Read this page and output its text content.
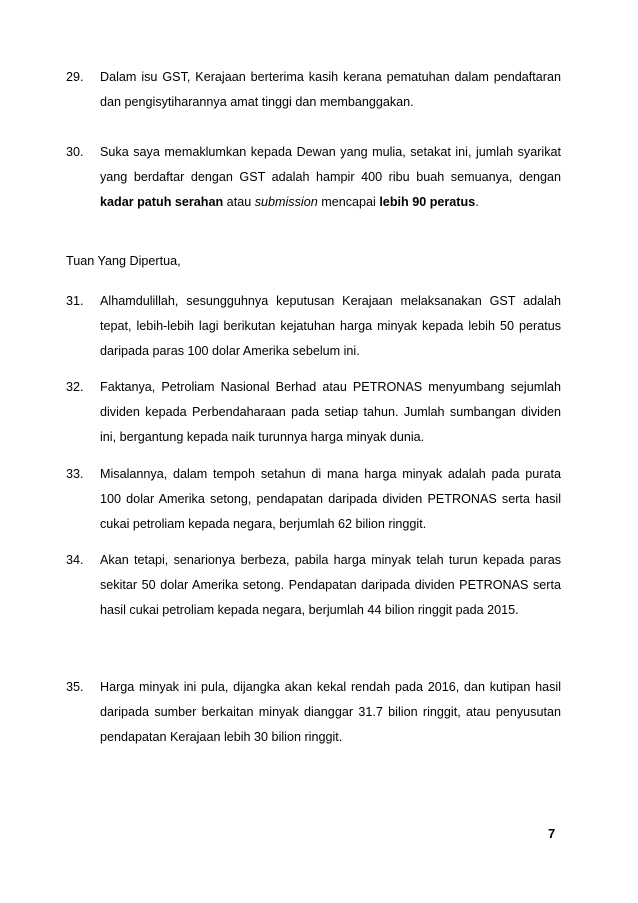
29. Dalam isu GST, Kerajaan berterima kasih kerana pematuhan dalam pendaftaran dan pengisytiharannya amat tinggi dan membanggakan.
30. Suka saya memaklumkan kepada Dewan yang mulia, setakat ini, jumlah syarikat yang berdaftar dengan GST adalah hampir 400 ribu buah semuanya, dengan kadar patuh serahan atau submission mencapai lebih 90 peratus.
Tuan Yang Dipertua,
31. Alhamdulillah, sesungguhnya keputusan Kerajaan melaksanakan GST adalah tepat, lebih-lebih lagi berikutan kejatuhan harga minyak kepada lebih 50 peratus daripada paras 100 dolar Amerika sebelum ini.
32. Faktanya, Petroliam Nasional Berhad atau PETRONAS menyumbang sejumlah dividen kepada Perbendaharaan pada setiap tahun. Jumlah sumbangan dividen ini, bergantung kepada naik turunnya harga minyak dunia.
33. Misalannya, dalam tempoh setahun di mana harga minyak adalah pada purata 100 dolar Amerika setong, pendapatan daripada dividen PETRONAS serta hasil cukai petroliam kepada negara, berjumlah 62 bilion ringgit.
34. Akan tetapi, senarionya berbeza, pabila harga minyak telah turun kepada paras sekitar 50 dolar Amerika setong. Pendapatan daripada dividen PETRONAS serta hasil cukai petroliam kepada negara, berjumlah 44 bilion ringgit pada 2015.
35. Harga minyak ini pula, dijangka akan kekal rendah pada 2016, dan kutipan hasil daripada sumber berkaitan minyak dianggar 31.7 bilion ringgit, atau penyusutan pendapatan Kerajaan lebih 30 bilion ringgit.
7
